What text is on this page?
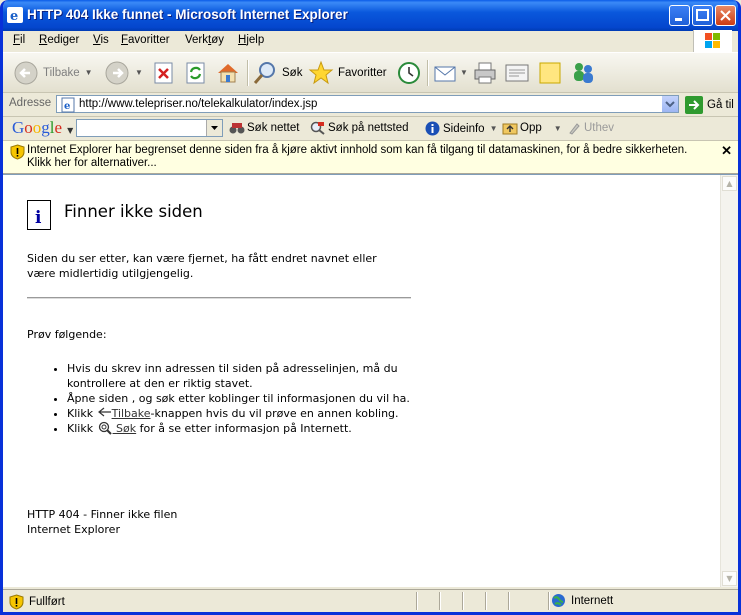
e HTTP 404 Ikke funnet - Microsoft Internet Explorer
Fil Rediger Vis Favoritter Verktøy Hjelp
Tilbake ▼	▼	Søk	Favoritter	▼
Adresse e http://www.telepriser.no/telekalkulator/index.jsp	Gå til
Google ▼	Søk nettet Søk på nettsted	Sideinfo ▼ Opp ▼ Uthev
Internet Explorer har begrenset denne siden fra å kjøre aktivt innhold som kan få tilgang til datamaskinen, for å bedre sikkerheten. Klikk her for alternativer...
✕
i Finner ikke siden
Siden du ser etter, kan være fjernet, ha fått endret navnet eller være midlertidig utilgjengelig.
Prøv følgende:
• Hvis du skrev inn adressen til siden på adresselinjen, må du kontrollere at den er riktig stavet.
• Åpne siden , og søk etter koblinger til informasjonen du vil ha.
• Klikk Tilbake-knappen hvis du vil prøve en annen kobling.
• Klikk  Søk for å se etter informasjon på Internett.
HTTP 404 - Finner ikke filen
Internet Explorer
▲
▼
Fullført	Internett
